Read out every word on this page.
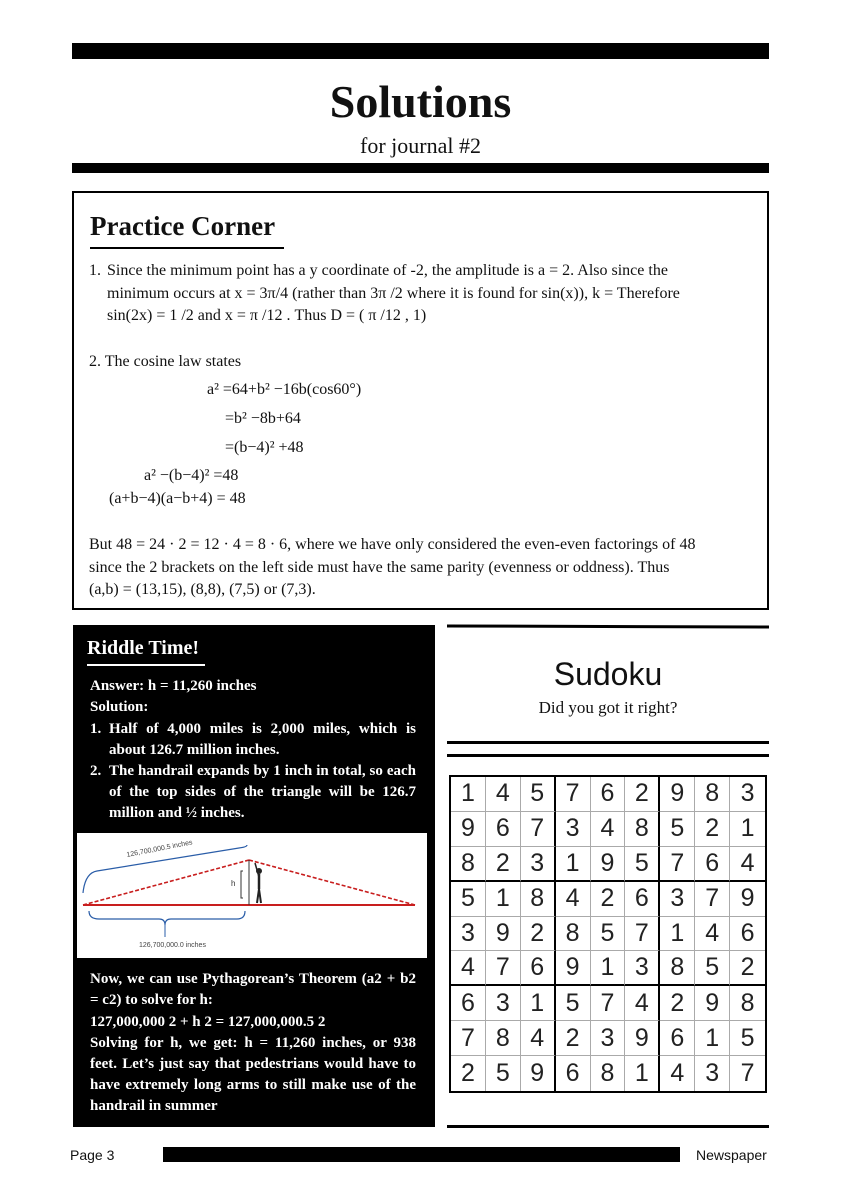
Solutions
for journal #2
Practice Corner
1. Since the minimum point has a y coordinate of -2, the amplitude is a = 2. Also since the
minimum occurs at x = 3π/4 (rather than 3π /2 where it is found for sin(x)), k = Therefore
sin(2x) = 1 /2 and x = π /12 . Thus D = ( π /12 , 1)
2. The cosine law states
a² =64+b² −16b(cos60°)
=b² −8b+64
=(b−4)² +48
a² −(b−4)² =48
(a+b−4)(a−b+4) = 48
But 48 = 24 · 2 = 12 · 4 = 8 · 6, where we have only considered the even-even factorings of 48
since the 2 brackets on the left side must have the same parity (evenness or oddness). Thus
(a,b) = (13,15), (8,8), (7,5) or (7,3).
Riddle Time!
Answer: h = 11,260 inches
Solution:
1. Half of 4,000 miles is 2,000 miles, which is
about 126.7 million inches.
2. The handrail expands by 1 inch in total, so each
of the top sides of the triangle will be 126.7
million and ½ inches.
Now, we can use Pythagorean’s Theorem (a2 + b2
= c2) to solve for h:
127,000,000 2 + h 2 = 127,000,000.5 2
Solving for h, we get: h = 11,260 inches, or 938
feet. Let’s just say that pedestrians would have to
have extremely long arms to still make use of the
handrail in summer
126,700,000.5 inches
126,700,000.0 inches
h
Sudoku
Did you got it right?
1 4 5 7 6 2 9 8 3
9 6 7 3 4 8 5 2 1
8 2 3 1 9 5 7 6 4
5 1 8 4 2 6 3 7 9
3 9 2 8 5 7 1 4 6
4 7 6 9 1 3 8 5 2
6 3 1 5 7 4 2 9 8
7 8 4 2 3 9 6 1 5
2 5 9 6 8 1 4 3 7
Page 3	Newspaper
